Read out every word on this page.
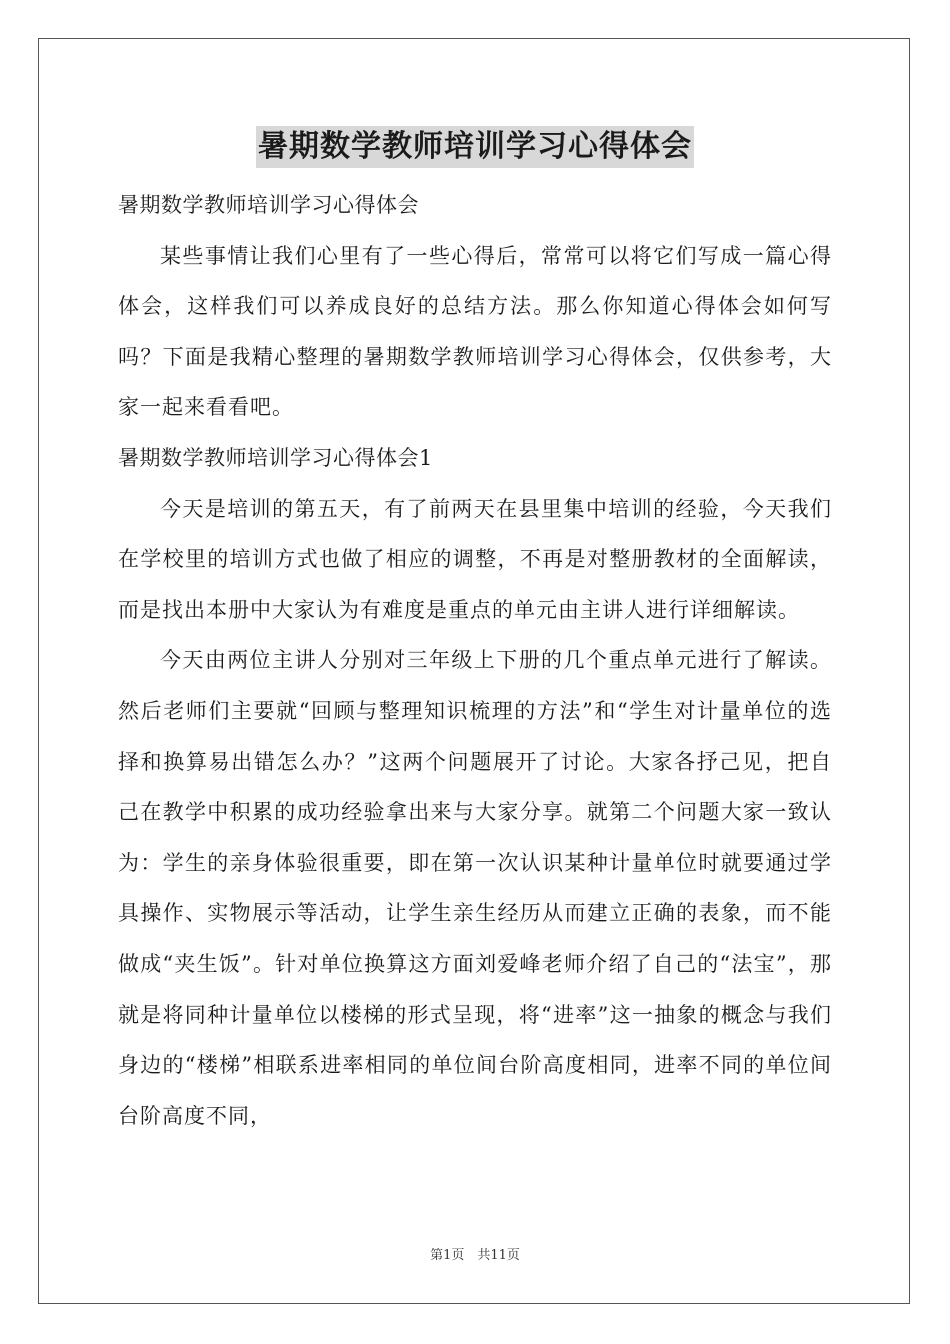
暑期数学教师培训学习心得体会

暑期数学教师培训学习心得体会

某些事情让我们心里有了一些心得后，常常可以将它们写成一篇心得体会，这样我们可以养成良好的总结方法。那么你知道心得体会如何写吗？下面是我精心整理的暑期数学教师培训学习心得体会，仅供参考，大家一起来看看吧。

暑期数学教师培训学习心得体会1

今天是培训的第五天，有了前两天在县里集中培训的经验，今天我们在学校里的培训方式也做了相应的调整，不再是对整册教材的全面解读，而是找出本册中大家认为有难度是重点的单元由主讲人进行详细解读。

今天由两位主讲人分别对三年级上下册的几个重点单元进行了解读。然后老师们主要就“回顾与整理知识梳理的方法”和“学生对计量单位的选择和换算易出错怎么办？”这两个问题展开了讨论。大家各抒己见，把自己在教学中积累的成功经验拿出来与大家分享。就第二个问题大家一致认为：学生的亲身体验很重要，即在第一次认识某种计量单位时就要通过学具操作、实物展示等活动，让学生亲生经历从而建立正确的表象，而不能做成“夹生饭”。针对单位换算这方面刘爱峰老师介绍了自己的“法宝”，那就是将同种计量单位以楼梯的形式呈现，将“进率”这一抽象的概念与我们身边的“楼梯”相联系进率相同的单位间台阶高度相同，进率不同的单位间台阶高度不同，

第1页　共11页
